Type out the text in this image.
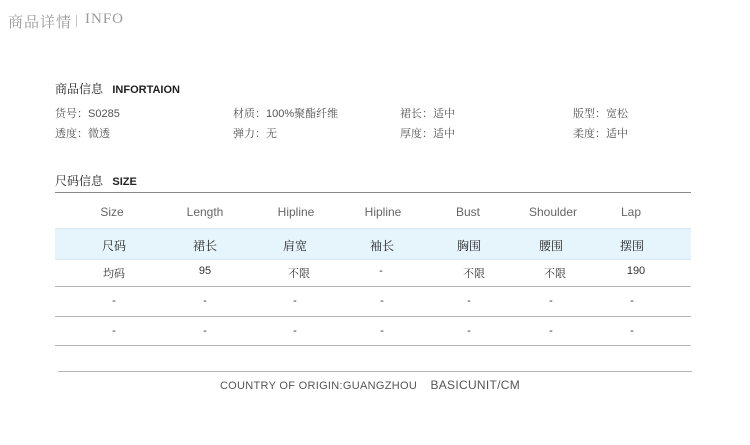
商品详情 INFO
商品信息 INFORTAION
货号：S0285	材质：100%聚酯纤维	裙长：适中	版型：宽松
透度：微透	弹力：无	厚度：适中	柔度：适中
尺码信息 SIZE
Size	Length	Hipline	Hipline	Bust	Shoulder	Lap
尺码	裙长	肩宽	袖长	胸围	腰围	摆围
均码	95	不限	-	不限	不限	190
-	-	-	-	-	-	-
-	-	-	-	-	-	-
COUNTRY OF ORIGIN:GUANGZHOU BASICUNIT/CM
